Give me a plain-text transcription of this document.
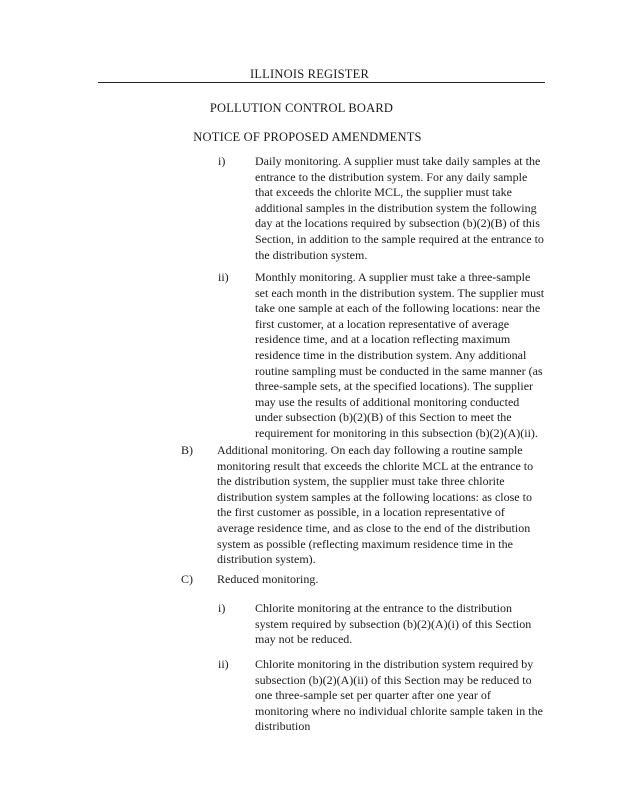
ILLINOIS REGISTER
POLLUTION CONTROL BOARD
NOTICE OF PROPOSED AMENDMENTS
i) Daily monitoring. A supplier must take daily samples at the entrance to the distribution system. For any daily sample that exceeds the chlorite MCL, the supplier must take additional samples in the distribution system the following day at the locations required by subsection (b)(2)(B) of this Section, in addition to the sample required at the entrance to the distribution system.
ii) Monthly monitoring. A supplier must take a three-sample set each month in the distribution system. The supplier must take one sample at each of the following locations: near the first customer, at a location representative of average residence time, and at a location reflecting maximum residence time in the distribution system. Any additional routine sampling must be conducted in the same manner (as three-sample sets, at the specified locations). The supplier may use the results of additional monitoring conducted under subsection (b)(2)(B) of this Section to meet the requirement for monitoring in this subsection (b)(2)(A)(ii).
B) Additional monitoring. On each day following a routine sample monitoring result that exceeds the chlorite MCL at the entrance to the distribution system, the supplier must take three chlorite distribution system samples at the following locations: as close to the first customer as possible, in a location representative of average residence time, and as close to the end of the distribution system as possible (reflecting maximum residence time in the distribution system).
C) Reduced monitoring.
i) Chlorite monitoring at the entrance to the distribution system required by subsection (b)(2)(A)(i) of this Section may not be reduced.
ii) Chlorite monitoring in the distribution system required by subsection (b)(2)(A)(ii) of this Section may be reduced to one three-sample set per quarter after one year of monitoring where no individual chlorite sample taken in the distribution
